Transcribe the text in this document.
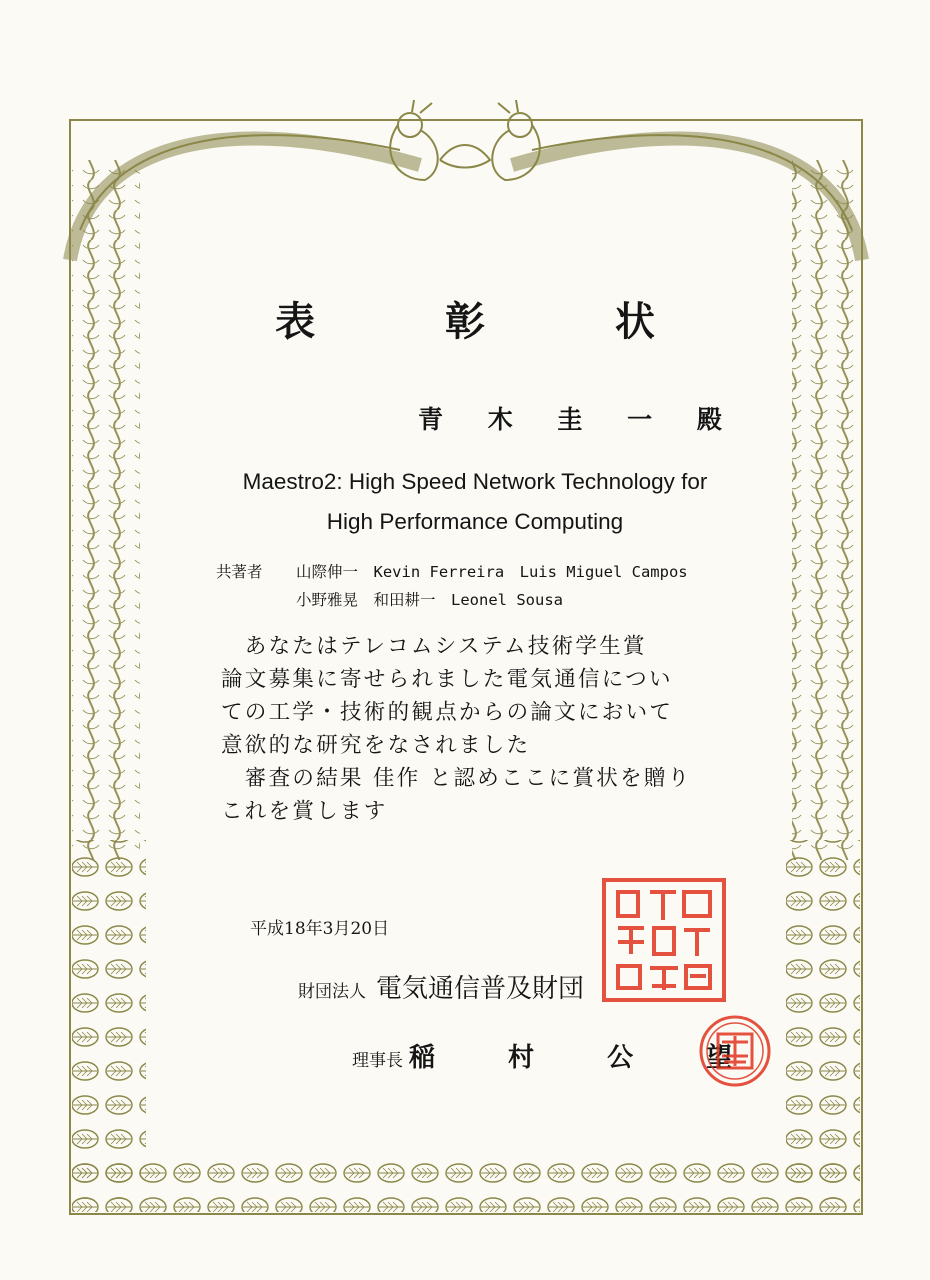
表 彰 状
青 木 圭 一 殿
Maestro2: High Speed Network Technology for
High Performance Computing
共著者 山際伸一　Kevin Ferreira　Luis Miguel Campos
小野雅晃　和田耕一　Leonel Sousa

　あなたはテレコムシステム技術学生賞

論文募集に寄せられました電気通信につい

ての工学・技術的観点からの論文において

意欲的な研究をなされました

　審査の結果 佳作 と認めここに賞状を贈り

これを賞します

平成18年3月20日
財団法人 電気通信普及財団
理事長 稲 村 公 望
